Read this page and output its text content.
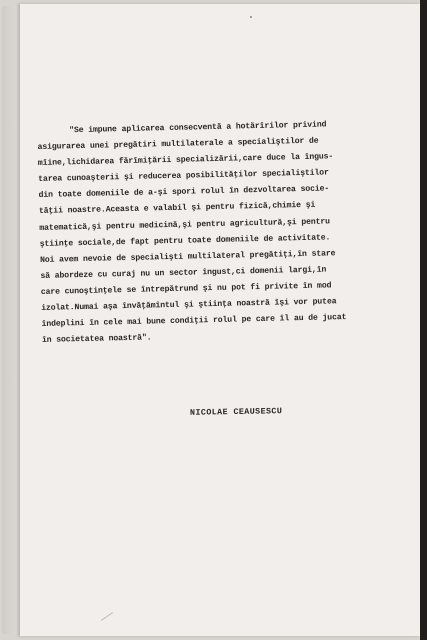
"Se impune aplicarea consecventă a hotărîrilor privind
asigurarea unei pregătiri multilaterale a specialiştilor de
mîine,lichidarea fărîmiţării specializării,care duce la îngus-
tarea cunoaşterii şi reducerea posibilităţilor specialiştilor
din toate domeniile de a-şi spori rolul în dezvoltarea socie-
tăţii noastre.Aceasta e valabil şi pentru fizică,chimie şi
matematică,şi pentru medicină,şi pentru agricultură,şi pentru
ştiinţe sociale,de fapt pentru toate domeniile de activitate.
Noi avem nevoie de specialişti multilateral pregătiţi,în stare
să abordeze cu curaj nu un sector îngust,ci domenii largi,în
care cunoştinţele se întrepătrund şi nu pot fi privite în mod
izolat.Numai aşa învăţămîntul şi ştiinţa noastră îşi vor putea
îndeplini în cele mai bune condiţii rolul pe care îl au de jucat
în societatea noastră".
NICOLAE CEAUSESCU
